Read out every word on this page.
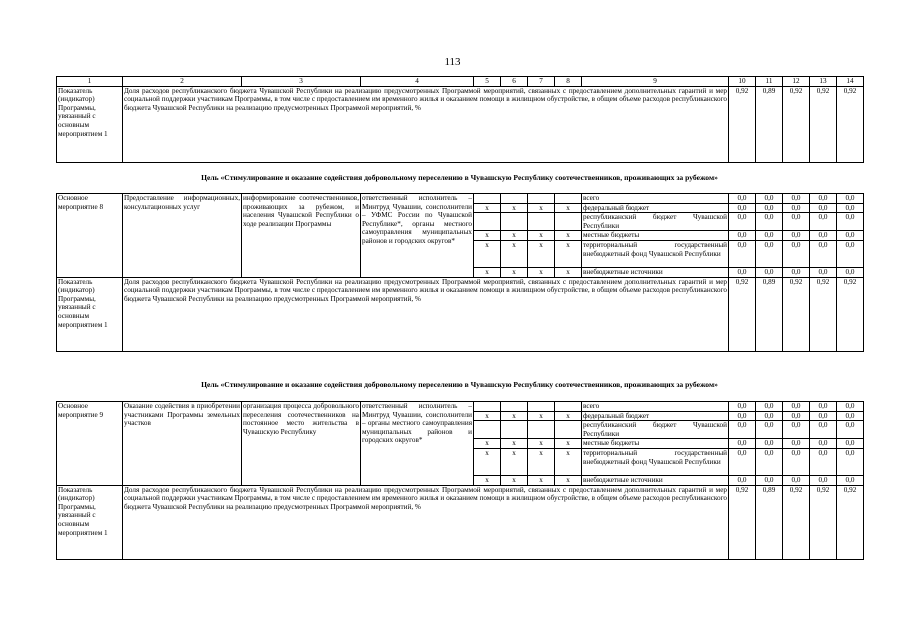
113
1	2	3	4	5	6	7	8	9	10	11	12	13	14
Показатель (индикатор) Программы, увязанный с основным мероприятием 1	Доля расходов республиканского бюджета Чувашской Республики на реализацию предусмотренных Программой мероприятий, связанных с предоставлением дополнительных гарантий и мер социальной поддержки участникам Программы, в том числе с предоставлением им временного жилья и оказанием помощи в жилищном обустройстве, в общем объеме расходов республиканского бюджета Чувашской Республики на реализацию предусмотренных Программой мероприятий, %								0,92	0,89	0,92	0,92	0,92
Цель «Стимулирование и оказание содействия добровольному переселению в Чувашскую Республику соотечественников, проживающих за рубежом»
Основное мероприятие 8	Предоставление информационных, консультационных услуг	информирование соотечественников, проживающих за рубежом, и населения Чувашской Республики о ходе реализации Программы	ответственный исполнитель – Минтруд Чувашии, соисполнители – УФМС России по Чувашской Республике*, органы местного самоуправления муниципальных районов и городских округов*					всего	0,0	0,0	0,0	0,0	0,0
				x	x	x	x	федеральный бюджет	0,0	0,0	0,0	0,0	0,0
								республиканский бюджет Чувашской Республики	0,0	0,0	0,0	0,0	0,0
				x	x	x	x	местные бюджеты	0,0	0,0	0,0	0,0	0,0
				x	x	x	x	территориальный государственный внебюджетный фонд Чувашской Республики	0,0	0,0	0,0	0,0	0,0
				x	x	x	x	внебюджетные источники	0,0	0,0	0,0	0,0	0,0
Показатель (индикатор) Программы, увязанный с основным мероприятием 1	Доля расходов республиканского бюджета Чувашской Республики на реализацию предусмотренных Программой мероприятий, связанных с предоставлением дополнительных гарантий и мер социальной поддержки участникам Программы, в том числе с предоставлением им временного жилья и оказанием помощи в жилищном обустройстве, в общем объеме расходов республиканского бюджета Чувашской Республики на реализацию предусмотренных Программой мероприятий, %								0,92	0,89	0,92	0,92	0,92
Цель «Стимулирование и оказание содействия добровольному переселению в Чувашскую Республику соотечественников, проживающих за рубежом»
Основное мероприятие 9	Оказание содействия в приобретении участниками Программы земельных участков	организация процесса добровольного переселения соотечественников на постоянное место жительства в Чувашскую Республику	ответственный исполнитель – Минтруд Чувашии, соисполнители – органы местного самоуправления муниципальных районов и городских округов*					всего	0,0	0,0	0,0	0,0	0,0
				x	x	x	x	федеральный бюджет	0,0	0,0	0,0	0,0	0,0
								республиканский бюджет Чувашской Республики	0,0	0,0	0,0	0,0	0,0
				x	x	x	x	местные бюджеты	0,0	0,0	0,0	0,0	0,0
				x	x	x	x	территориальный государственный внебюджетный фонд Чувашской Республики	0,0	0,0	0,0	0,0	0,0
				x	x	x	x	внебюджетные источники	0,0	0,0	0,0	0,0	0,0
Показатель (индикатор) Программы, увязанный с основным мероприятием 1	Доля расходов республиканского бюджета Чувашской Республики на реализацию предусмотренных Программой мероприятий, связанных с предоставлением дополнительных гарантий и мер социальной поддержки участникам Программы, в том числе с предоставлением им временного жилья и оказанием помощи в жилищном обустройстве, в общем объеме расходов республиканского бюджета Чувашской Республики на реализацию предусмотренных Программой мероприятий, %								0,92	0,89	0,92	0,92	0,92
